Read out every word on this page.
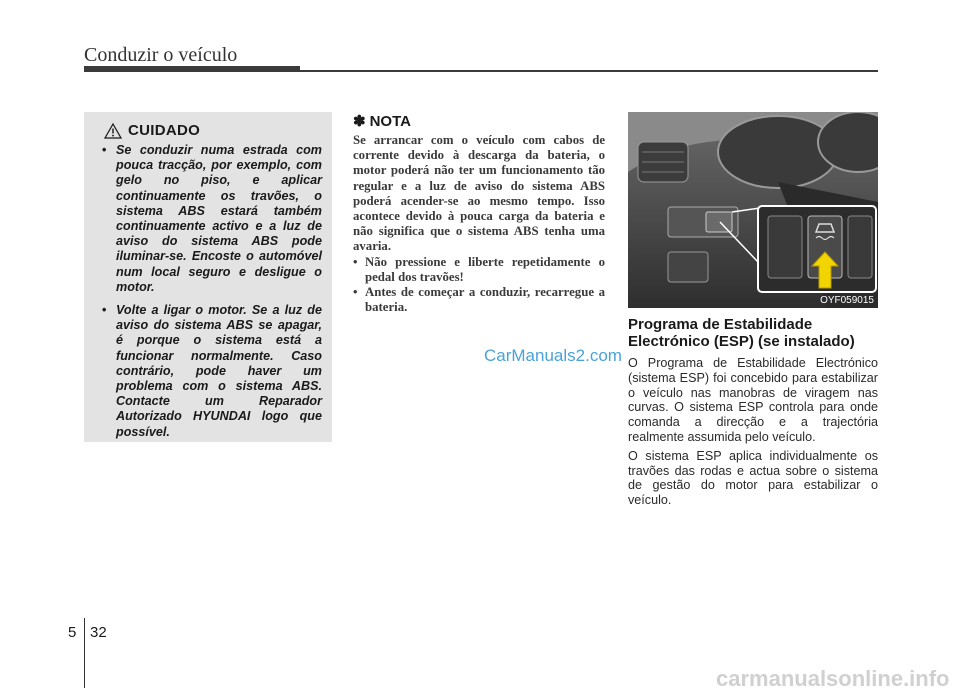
Conduzir o veículo
CUIDADO
• Se conduzir numa estrada com pouca tracção, por exemplo, com gelo no piso, e aplicar continuamente os travões, o sistema ABS estará também continuamente activo e a luz de aviso do sistema ABS pode iluminar-se. Encoste o automóvel num local seguro e desligue o motor.
• Volte a ligar o motor. Se a luz de aviso do sistema ABS se apagar, é porque o sistema está a funcionar normalmente. Caso contrário, pode haver um problema com o sistema ABS. Contacte um Reparador Autorizado HYUNDAI logo que possível.
✽ NOTA

Se arrancar com o veículo com cabos de corrente devido à descarga da bateria, o motor poderá não ter um funcionamento tão regular e a luz de aviso do sistema ABS poderá acender-se ao mesmo tempo. Isso acontece devido à pouca carga da bateria e não significa que o sistema ABS tenha uma avaria.

• Não pressione e liberte repetidamente o pedal dos travões!
• Antes de começar a conduzir, recarregue a bateria.	OYF059015
Programa de Estabilidade Electrónico (ESP) (se instalado)

O Programa de Estabilidade Electrónico (sistema ESP) foi concebido para estabilizar o veículo nas manobras de viragem nas curvas. O sistema ESP controla para onde comanda a direcção e a trajectória realmente assumida pelo veículo.

O sistema ESP aplica individualmente os travões das rodas e actua sobre o sistema de gestão do motor para estabilizar o veículo.

CarManuals2.com
5 32
carmanualsonline.info
